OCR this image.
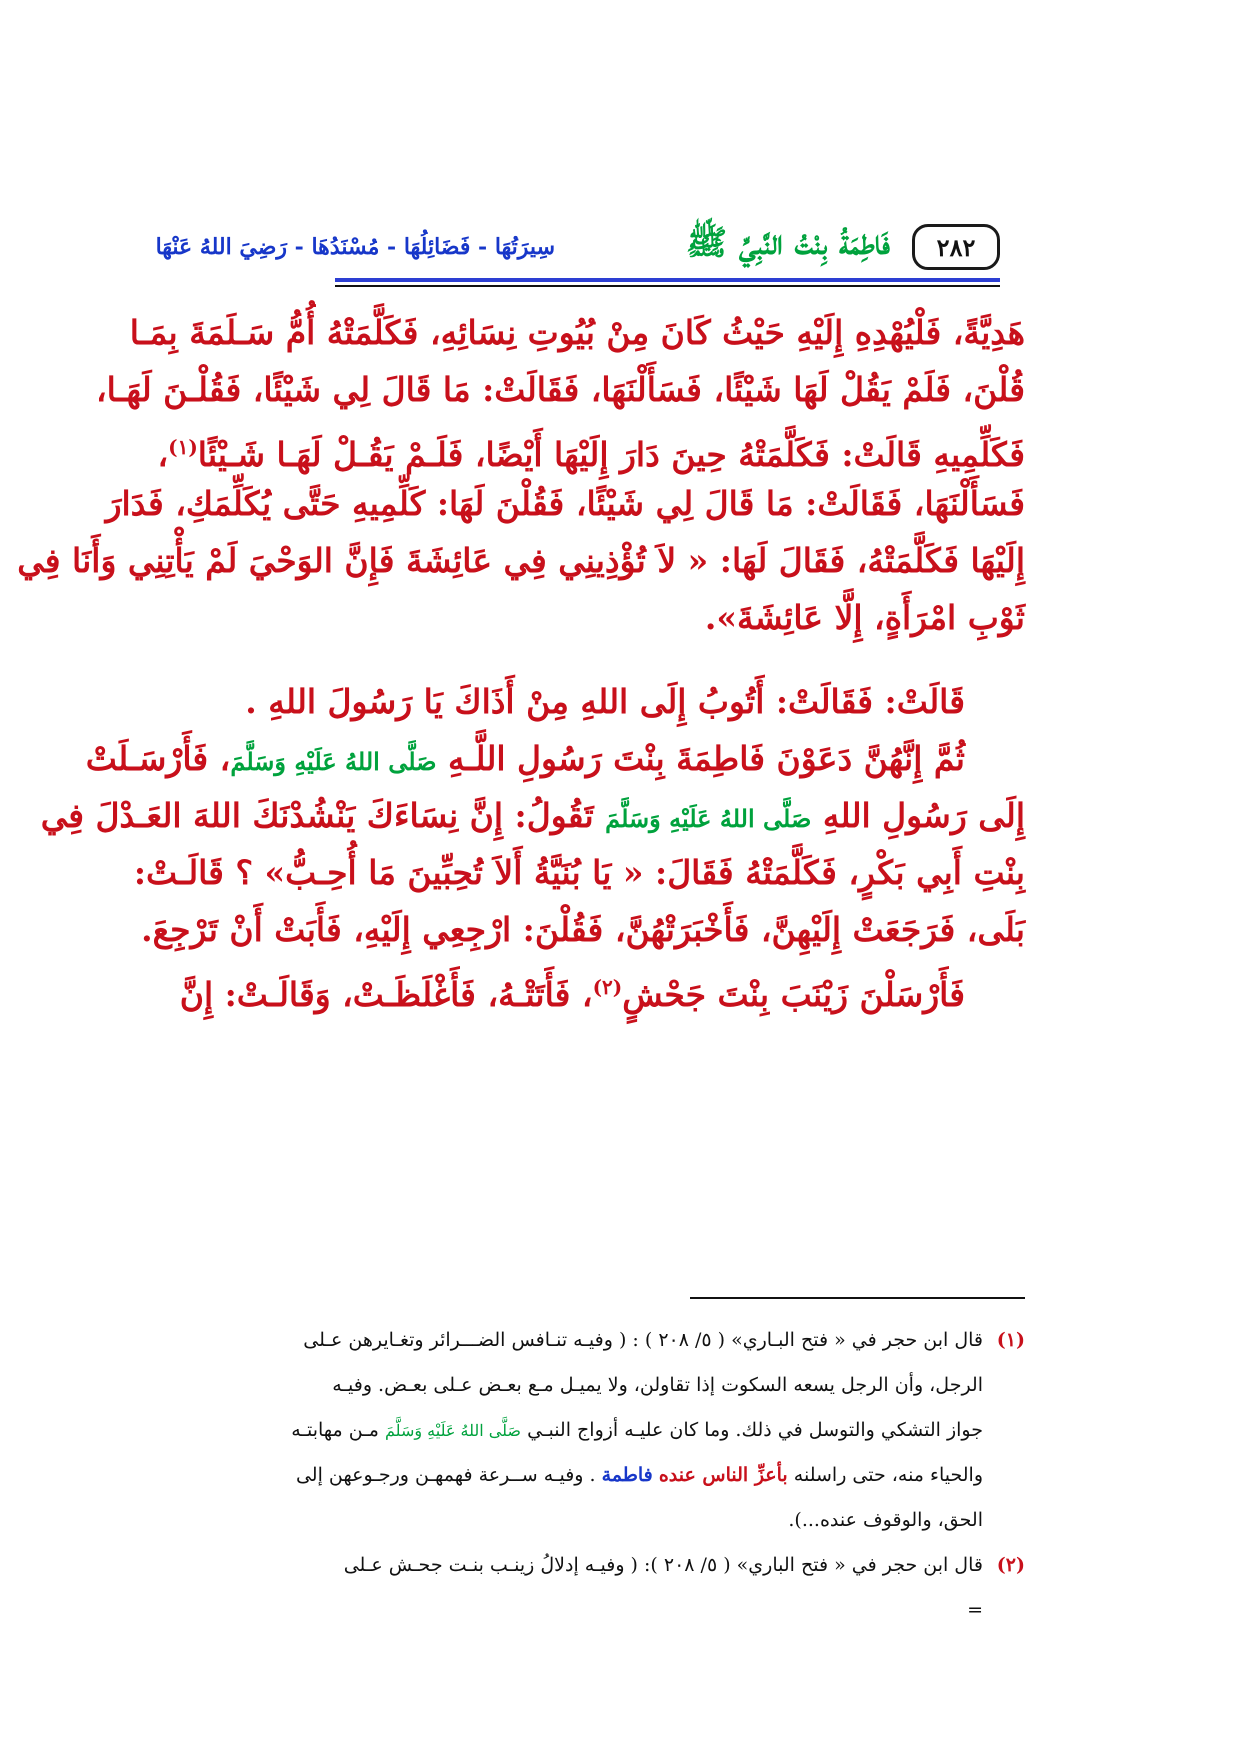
٢٨٢
فَاطِمَةُ بِنْتُ النَّبِيِّ ﷺ
سِيرَتُهَا - فَضَائِلُهَا - مُسْنَدُهَا - رَضِيَ اللهُ عَنْهَا
هَدِيَّةً، فَلْيُهْدِهِ إِلَيْهِ حَيْثُ كَانَ مِنْ بُيُوتِ نِسَائِهِ، فَكَلَّمَتْهُ أُمُّ سَـلَمَةَ بِمَـا
قُلْنَ، فَلَمْ يَقُلْ لَهَا شَيْئًا، فَسَأَلْنَهَا، فَقَالَتْ: مَا قَالَ لِي شَيْئًا، فَقُلْـنَ لَهَـا،
فَكَلِّمِيهِ قَالَتْ: فَكَلَّمَتْهُ حِينَ دَارَ إِلَيْهَا أَيْضًا، فَلَـمْ يَقُـلْ لَهَـا شَـيْئًا$^{(١)}$،
فَسَأَلْنَهَا، فَقَالَتْ: مَا قَالَ لِي شَيْئًا، فَقُلْنَ لَهَا: كَلِّمِيهِ حَتَّى يُكَلِّمَكِ، فَدَارَ
إِلَيْهَا فَكَلَّمَتْهُ، فَقَالَ لَهَا: « لاَ تُؤْذِينِي فِي عَائِشَةَ فَإِنَّ الوَحْيَ لَمْ يَأْتِنِي وَأَنَا فِي
ثَوْبِ امْرَأَةٍ، إِلَّا عَائِشَةَ».
قَالَتْ: فَقَالَتْ: أَتُوبُ إِلَى اللهِ مِنْ أَذَاكَ يَا رَسُولَ اللهِ .
ثُمَّ إِنَّهُنَّ دَعَوْنَ فَاطِمَةَ بِنْتَ رَسُولِ اللَّـهِ صَلَّى اللهُ عَلَيْهِ وَسَلَّمَ، فَأَرْسَـلَتْ
إِلَى رَسُولِ اللهِ صَلَّى اللهُ عَلَيْهِ وَسَلَّمَ تَقُولُ: إِنَّ نِسَاءَكَ يَنْشُدْنَكَ اللهَ العَـدْلَ فِي
بِنْتِ أَبِي بَكْرٍ، فَكَلَّمَتْهُ فَقَالَ: « يَا بُنَيَّةُ أَلاَ تُحِبِّينَ مَا أُحِـبُّ» ؟ قَالَـتْ:
بَلَى، فَرَجَعَتْ إِلَيْهِنَّ، فَأَخْبَرَتْهُنَّ، فَقُلْنَ: ارْجِعِي إِلَيْهِ، فَأَبَتْ أَنْ تَرْجِعَ.
فَأَرْسَلْنَ زَيْنَبَ بِنْتَ جَحْشٍ$^{(٢)}$، فَأَتَتْـهُ، فَأَغْلَظَـتْ، وَقَالَـتْ: إِنَّ
(١)
قال ابن حجر في « فتح البـاري» ( ٥/ ٢٠٨ ) : ( وفيـه تنـافس الضـــرائر وتغـايرهن عـلى
الرجل، وأن الرجل يسعه السكوت إذا تقاولن، ولا يميـل مـع بعـض عـلى بعـض. وفيـه
جواز التشكي والتوسل في ذلك. وما كان عليـه أزواج النبـي صَلَّى اللهُ عَلَيْهِ وَسَلَّمَ مـن مهابتـه
والحياء منه، حتى راسلنه بأعزِّ الناس عنده فاطمة . وفيـه ســرعة فهمهـن ورجـوعهن إلى
الحق، والوقوف عنده...).
(٢)
قال ابن حجر في « فتح الباري» ( ٥/ ٢٠٨ ): ( وفيـه إدلالُ زينـب بنـت جحـش عـلى
=
